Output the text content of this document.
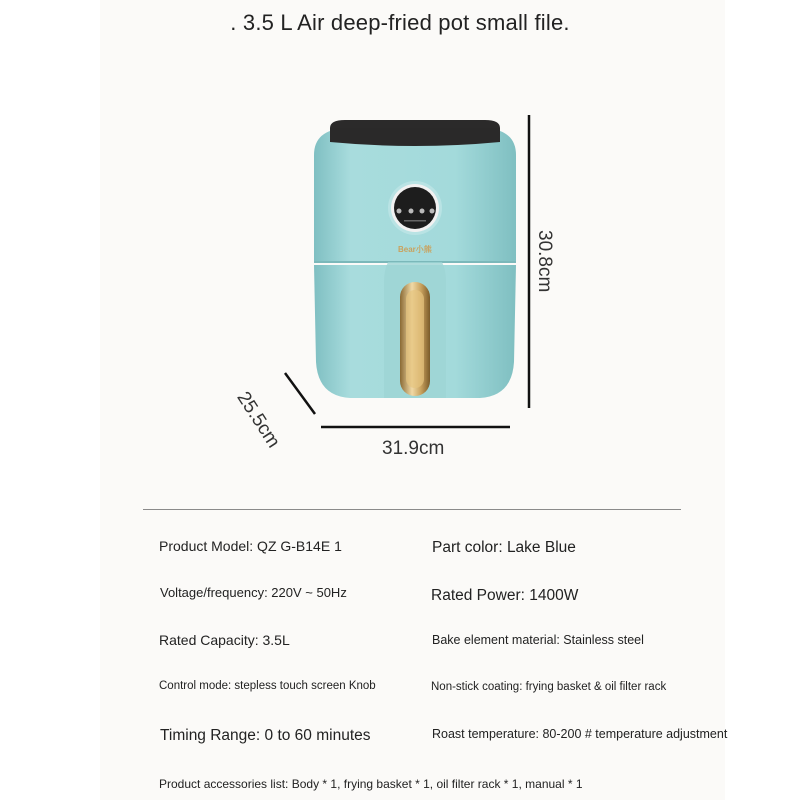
. 3.5 L Air deep-fried pot small file.
Bear小熊	30.8cm
31.9cm
25.5cm
Product Model: QZ G-B14E 1	Part color: Lake Blue
Voltage/frequency: 220V ~ 50Hz	Rated Power: 1400W
Rated Capacity: 3.5L	Bake element material: Stainless steel
Control mode: stepless touch screen Knob	Non-stick coating: frying basket & oil filter rack
Timing Range: 0 to 60 minutes	Roast temperature: 80-200 # temperature adjustment
Product accessories list: Body * 1, frying basket * 1, oil filter rack * 1, manual * 1
